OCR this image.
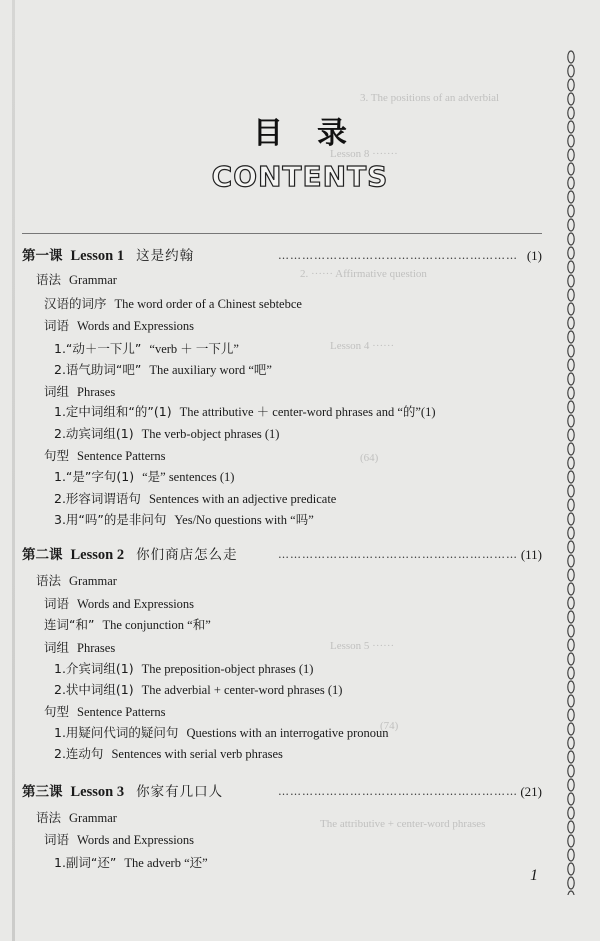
3. The positions of an adverbial
Lesson 8 ·······
2. ······ Affirmative question
Lesson 4 ······
(64)
Lesson 5 ······
(74)
The attributive + center-word phrases
目录
CONTENTS
第一课 Lesson 1 这是约翰	…………………………………………………… (1)
语法 Grammar
汉语的词序 The word order of a Chinest sebtebce
词语 Words and Expressions
1.“动＋一下儿” “verb ＋ 一下儿”
2.语气助词“吧” The auxiliary word “吧”
词组 Phrases
1.定中词组和“的”(1) The attributive ＋ center-word phrases and “的”(1)
2.动宾词组(1) The verb-object phrases (1)
句型 Sentence Patterns
1.“是”字句(1) “是” sentences (1)
2.形容词谓语句 Sentences with an adjective predicate
3.用“吗”的是非问句 Yes/No questions with “吗”
第二课 Lesson 2 你们商店怎么走	…………………………………………………… (11)
语法 Grammar
词语 Words and Expressions
连词“和” The conjunction “和”
词组 Phrases
1.介宾词组(1) The preposition-object phrases (1)
2.状中词组(1) The adverbial + center-word phrases (1)
句型 Sentence Patterns
1.用疑问代词的疑问句 Questions with an interrogative pronoun
2.连动句 Sentences with serial verb phrases
第三课 Lesson 3 你家有几口人	…………………………………………………… (21)
语法 Grammar
词语 Words and Expressions
1.副词“还” The adverb “还”
1
